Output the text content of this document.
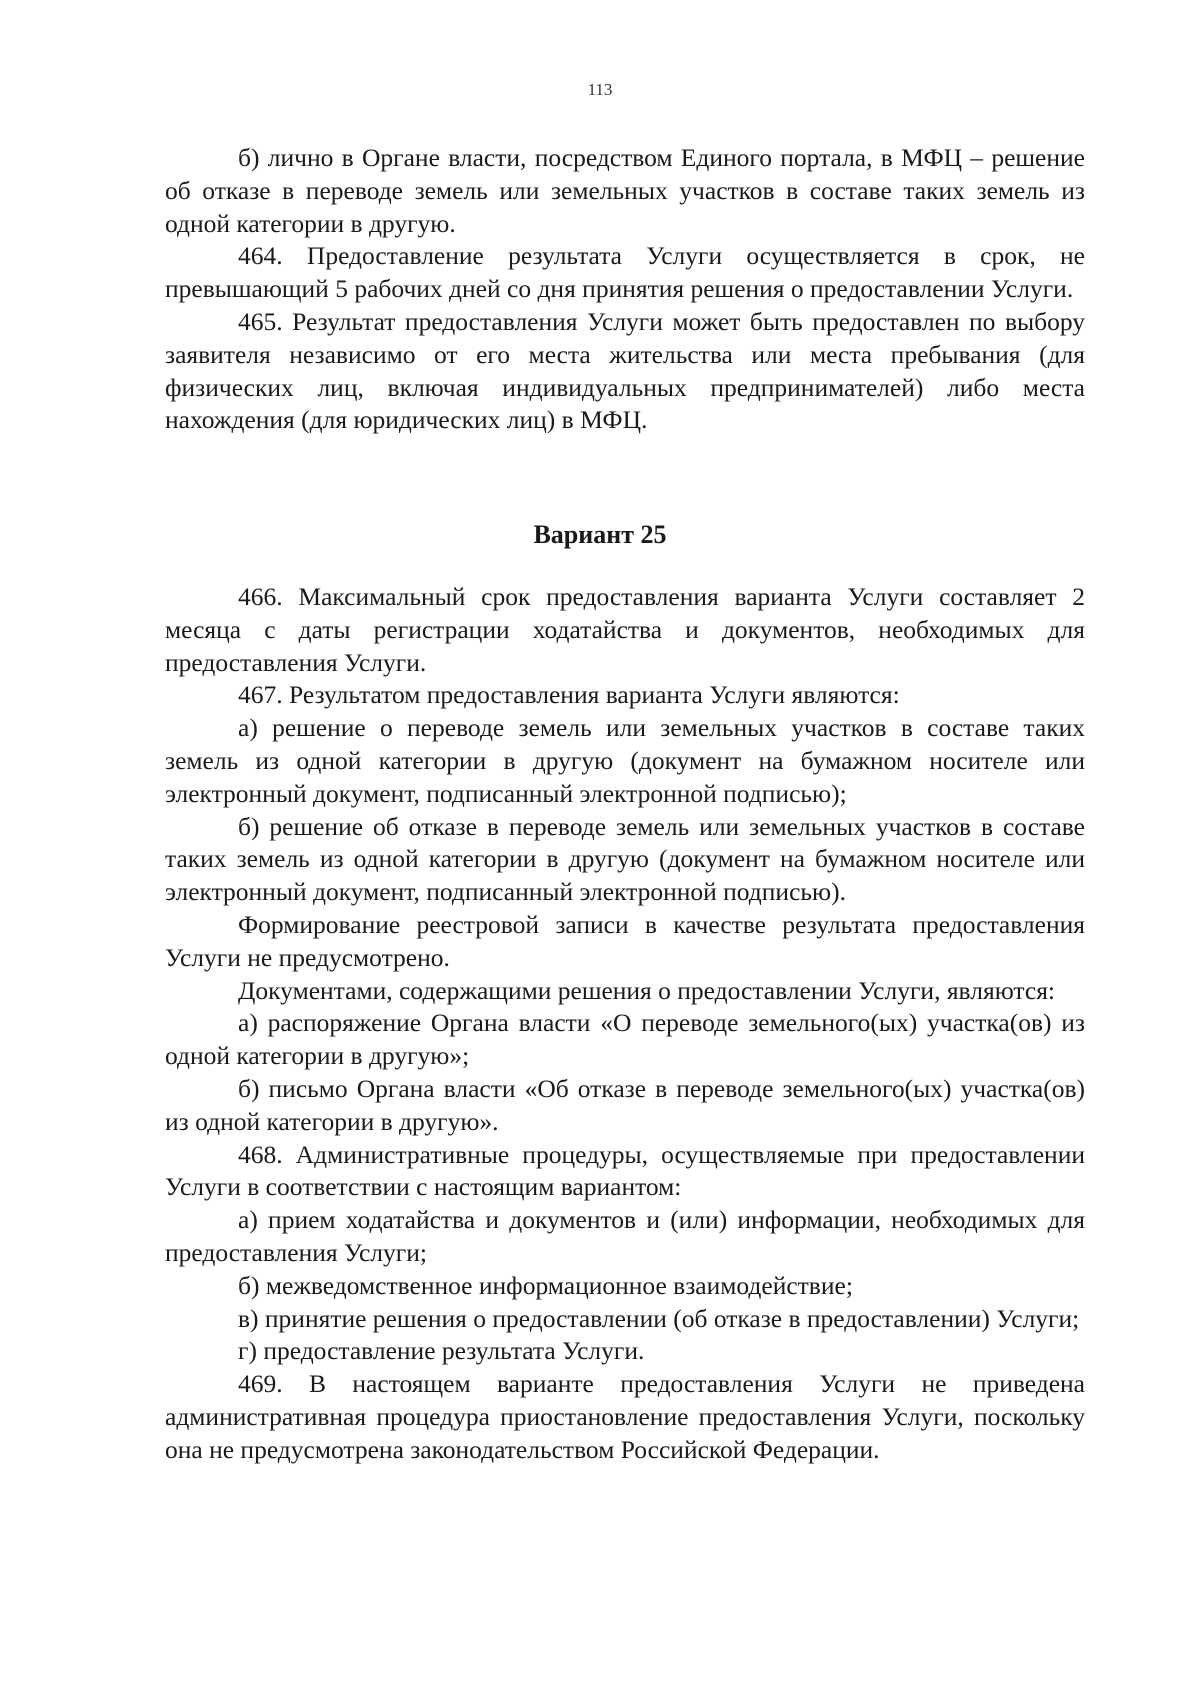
113

б) лично в Органе власти, посредством Единого портала, в МФЦ – решение об отказе в переводе земель или земельных участков в составе таких земель из одной категории в другую.

464. Предоставление результата Услуги осуществляется в срок, не превышающий 5 рабочих дней со дня принятия решения о предоставлении Услуги.

465. Результат предоставления Услуги может быть предоставлен по выбору заявителя независимо от его места жительства или места пребывания (для физических лиц, включая индивидуальных предпринимателей) либо места нахождения (для юридических лиц) в МФЦ.

Вариант 25

466. Максимальный срок предоставления варианта Услуги составляет 2 месяца с даты регистрации ходатайства и документов, необходимых для предоставления Услуги.

467. Результатом предоставления варианта Услуги являются:

а) решение о переводе земель или земельных участков в составе таких земель из одной категории в другую (документ на бумажном носителе или электронный документ, подписанный электронной подписью);

б) решение об отказе в переводе земель или земельных участков в составе таких земель из одной категории в другую (документ на бумажном носителе или электронный документ, подписанный электронной подписью).

Формирование реестровой записи в качестве результата предоставления Услуги не предусмотрено.

Документами, содержащими решения о предоставлении Услуги, являются:

а) распоряжение Органа власти «О переводе земельного(ых) участка(ов) из одной категории в другую»;

б) письмо Органа власти «Об отказе в переводе земельного(ых) участка(ов) из одной категории в другую».

468. Административные процедуры, осуществляемые при предоставлении Услуги в соответствии с настоящим вариантом:

а) прием ходатайства и документов и (или) информации, необходимых для предоставления Услуги;

б) межведомственное информационное взаимодействие;

в) принятие решения о предоставлении (об отказе в предоставлении) Услуги;

г) предоставление результата Услуги.

469. В настоящем варианте предоставления Услуги не приведена административная процедура приостановление предоставления Услуги, поскольку она не предусмотрена законодательством Российской Федерации.
